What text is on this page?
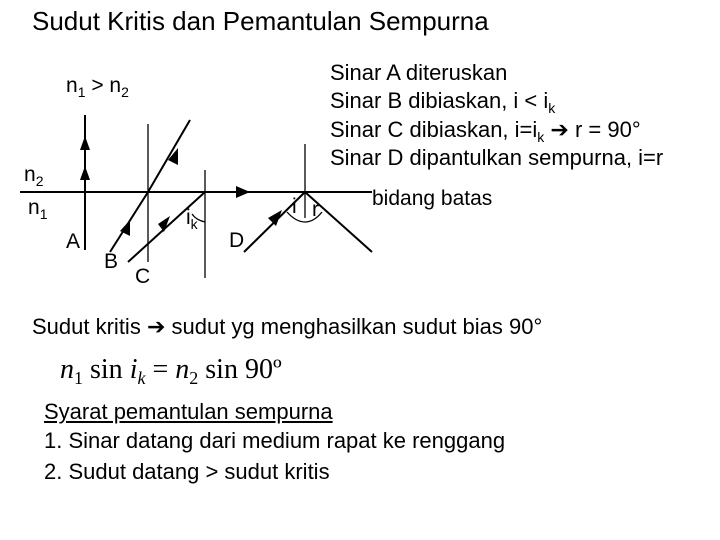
Sudut Kritis dan Pemantulan Sempurna
$n_1 > n_2$
Sinar A diteruskan
Sinar B dibiaskan, $i < i_k$
Sinar C dibiaskan, $i=i_k$ ➔ r = 90°
Sinar D dipantulkan sempurna, i=r
$n_2$
$n_1$
A
B
C
D
$i_k$
i r	bidang batas
Sudut kritis ➔ sudut yg menghasilkan sudut bias 90°
$n_1$ $\sin i_k = n_2$ sin 90º
Syarat pemantulan sempurna
1. Sinar datang dari medium rapat ke renggang
2. Sudut datang > sudut kritis
